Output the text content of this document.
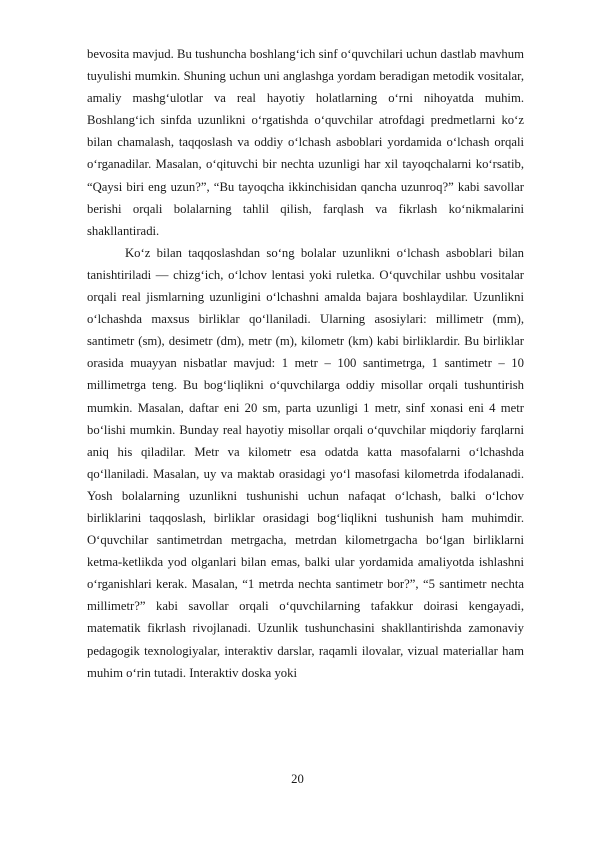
bevosita mavjud. Bu tushuncha boshlang‘ich sinf o‘quvchilari uchun dastlab mavhum tuyulishi mumkin. Shuning uchun uni anglashga yordam beradigan metodik vositalar, amaliy mashg‘ulotlar va real hayotiy holatlarning o‘rni nihoyatda muhim. Boshlang‘ich sinfda uzunlikni o‘rgatishda o‘quvchilar atrofdagi predmetlarni ko‘z bilan chamalash, taqqoslash va oddiy o‘lchash asboblari yordamida o‘lchash orqali o‘rganadilar. Masalan, o‘qituvchi bir nechta uzunligi har xil tayoqchalarni ko‘rsatib, “Qaysi biri eng uzun?”, “Bu tayoqcha ikkinchisidan qancha uzunroq?” kabi savollar berishi orqali bolalarning tahlil qilish, farqlash va fikrlash ko‘nikmalarini shakllantiradi.

Ko‘z bilan taqqoslashdan so‘ng bolalar uzunlikni o‘lchash asboblari bilan tanishtiriladi — chizg‘ich, o‘lchov lentasi yoki ruletka. O‘quvchilar ushbu vositalar orqali real jismlarning uzunligini o‘lchashni amalda bajara boshlaydilar. Uzunlikni o‘lchashda maxsus birliklar qo‘llaniladi. Ularning asosiylari: millimetr (mm), santimetr (sm), desimetr (dm), metr (m), kilometr (km) kabi birliklardir. Bu birliklar orasida muayyan nisbatlar mavjud: 1 metr – 100 santimetrga, 1 santimetr – 10 millimetrga teng. Bu bog‘liqlikni o‘quvchilarga oddiy misollar orqali tushuntirish mumkin. Masalan, daftar eni 20 sm, parta uzunligi 1 metr, sinf xonasi eni 4 metr bo‘lishi mumkin. Bunday real hayotiy misollar orqali o‘quvchilar miqdoriy farqlarni aniq his qiladilar. Metr va kilometr esa odatda katta masofalarni o‘lchashda qo‘llaniladi. Masalan, uy va maktab orasidagi yo‘l masofasi kilometrda ifodalanadi. Yosh bolalarning uzunlikni tushunishi uchun nafaqat o‘lchash, balki o‘lchov birliklarini taqqoslash, birliklar orasidagi bog‘liqlikni tushunish ham muhimdir. O‘quvchilar santimetrdan metrgacha, metrdan kilometrgacha bo‘lgan birliklarni ketma-ketlikda yod olganlari bilan emas, balki ular yordamida amaliyotda ishlashni o‘rganishlari kerak. Masalan, “1 metrda nechta santimetr bor?”, “5 santimetr nechta millimetr?” kabi savollar orqali o‘quvchilarning tafakkur doirasi kengayadi, matematik fikrlash rivojlanadi. Uzunlik tushunchasini shakllantirishda zamonaviy pedagogik texnologiyalar, interaktiv darslar, raqamli ilovalar, vizual materiallar ham muhim o‘rin tutadi. Interaktiv doska yoki

20
